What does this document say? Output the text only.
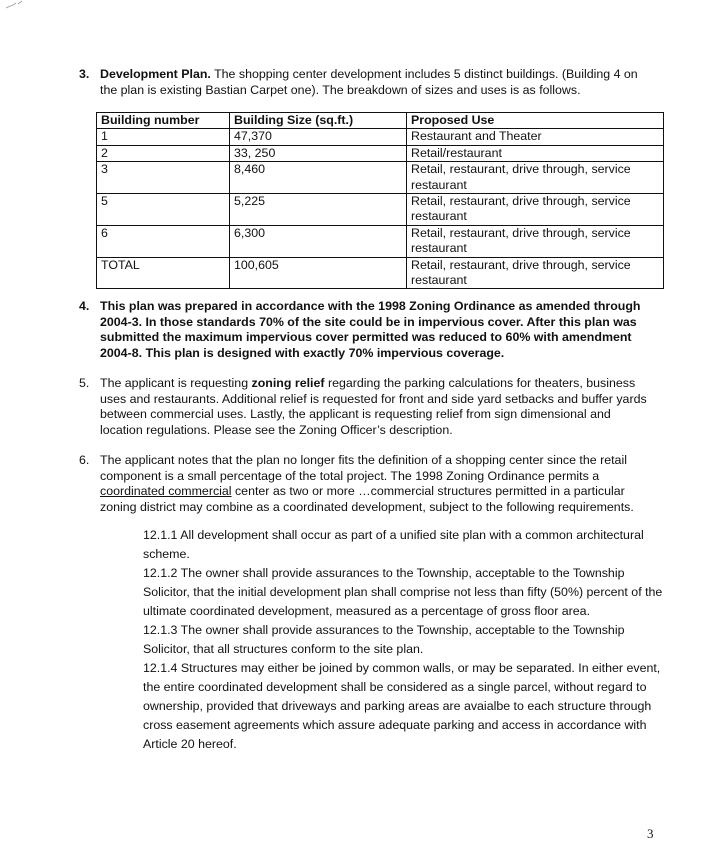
3. Development Plan. The shopping center development includes 5 distinct buildings. (Building 4 on the plan is existing Bastian Carpet one). The breakdown of sizes and uses is as follows.
Building number	Building Size (sq.ft.)	Proposed Use
1	47,370	Restaurant and Theater
2	33, 250	Retail/restaurant
3	8,460	Retail, restaurant, drive through, service restaurant
5	5,225	Retail, restaurant, drive through, service restaurant
6	6,300	Retail, restaurant, drive through, service restaurant
TOTAL	100,605	Retail, restaurant, drive through, service restaurant
4. This plan was prepared in accordance with the 1998 Zoning Ordinance as amended through 2004-3. In those standards 70% of the site could be in impervious cover. After this plan was submitted the maximum impervious cover permitted was reduced to 60% with amendment 2004-8. This plan is designed with exactly 70% impervious coverage.
5. The applicant is requesting zoning relief regarding the parking calculations for theaters, business uses and restaurants. Additional relief is requested for front and side yard setbacks and buffer yards between commercial uses. Lastly, the applicant is requesting relief from sign dimensional and location regulations. Please see the Zoning Officer’s description.
6. The applicant notes that the plan no longer fits the definition of a shopping center since the retail component is a small percentage of the total project. The 1998 Zoning Ordinance permits a coordinated commercial center as two or more …commercial structures permitted in a particular zoning district may combine as a coordinated development, subject to the following requirements.

12.1.1 All development shall occur as part of a unified site plan with a common architectural scheme.

12.1.2 The owner shall provide assurances to the Township, acceptable to the Township Solicitor, that the initial development plan shall comprise not less than fifty (50%) percent of the ultimate coordinated development, measured as a percentage of gross floor area.

12.1.3 The owner shall provide assurances to the Township, acceptable to the Township Solicitor, that all structures conform to the site plan.

12.1.4 Structures may either be joined by common walls, or may be separated. In either event, the entire coordinated development shall be considered as a single parcel, without regard to ownership, provided that driveways and parking areas are avaialbe to each structure through cross easement agreements which assure adequate parking and access in accordance with Article 20 hereof.

3
